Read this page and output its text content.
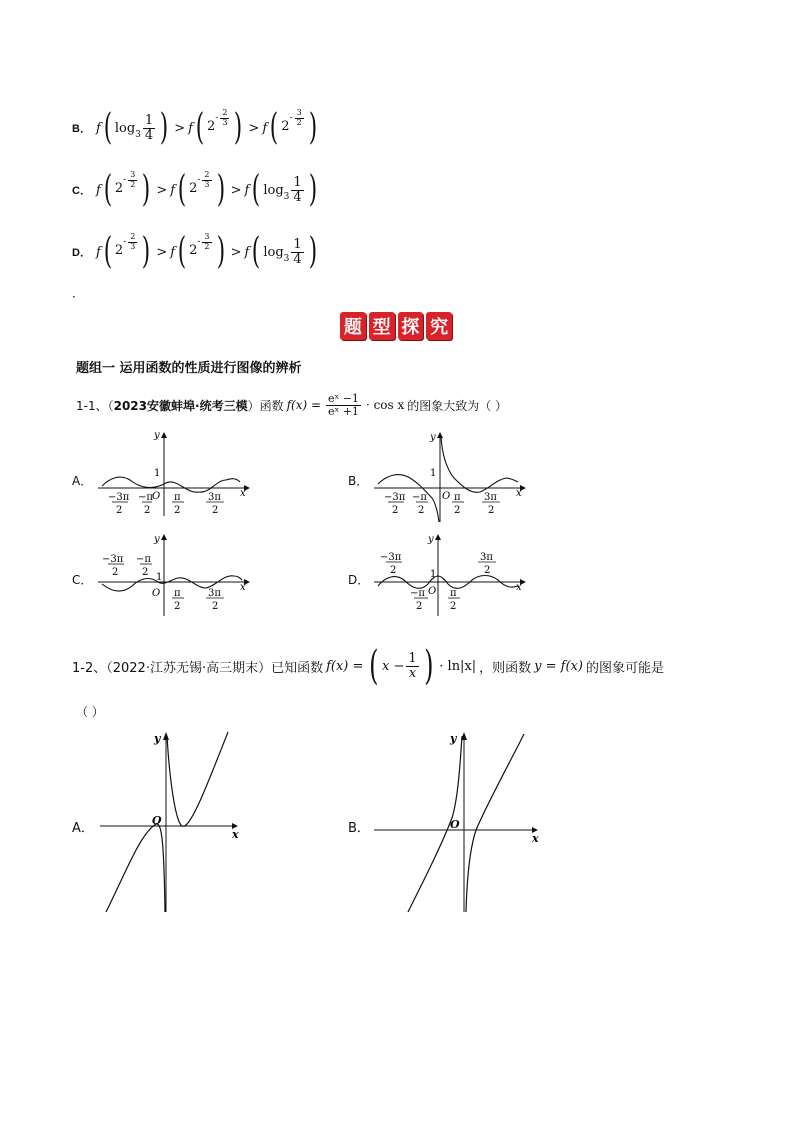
B． f ( $\log_3 \frac{1}{4}$ ) > f ( 2
- $\frac{2}{3}$ ) > f ( 2
- $\frac{3}{2}$ )
C． f ( 2
- $\frac{3}{2}$ ) > f ( 2
- $\frac{2}{3}$ ) > f ( $\log_3 \frac{1}{4}$ )
D． f ( 2
- $\frac{2}{3}$ ) > f ( 2
- $\frac{3}{2}$ ) > f ( $\log_3 \frac{1}{4}$ )
．
题 型 探 究
题组一 运用函数的性质进行图像的辨析
1-1、（ 2023安徽蚌埠·统考三模 ）函数 $f(x) = \frac{\text{eˣ −1}}{\text{eˣ +1}} \cdot \cos x$ 的图象大致为（ ）
A．	B．
C．	D．
y
x
1
O
−3π
2
−π
2
π
2
3π
2
y
x
1
O
−3π
2
−π
2
π
2
3π
2
y
x
1
O
−3π
2
−π
2
π
2
3π
2
y
x
1
O
−3π
2
−π
2
π
2
3π
2
1-2、（2022·江苏无锡·高三期末）已知函数 f(x) = ( $x - \frac{1}{x}$ ) · ln|x| ，则函数 y = f(x) 的图象可能是
（ ）
A．	B．
y
x
O
y
x
O
